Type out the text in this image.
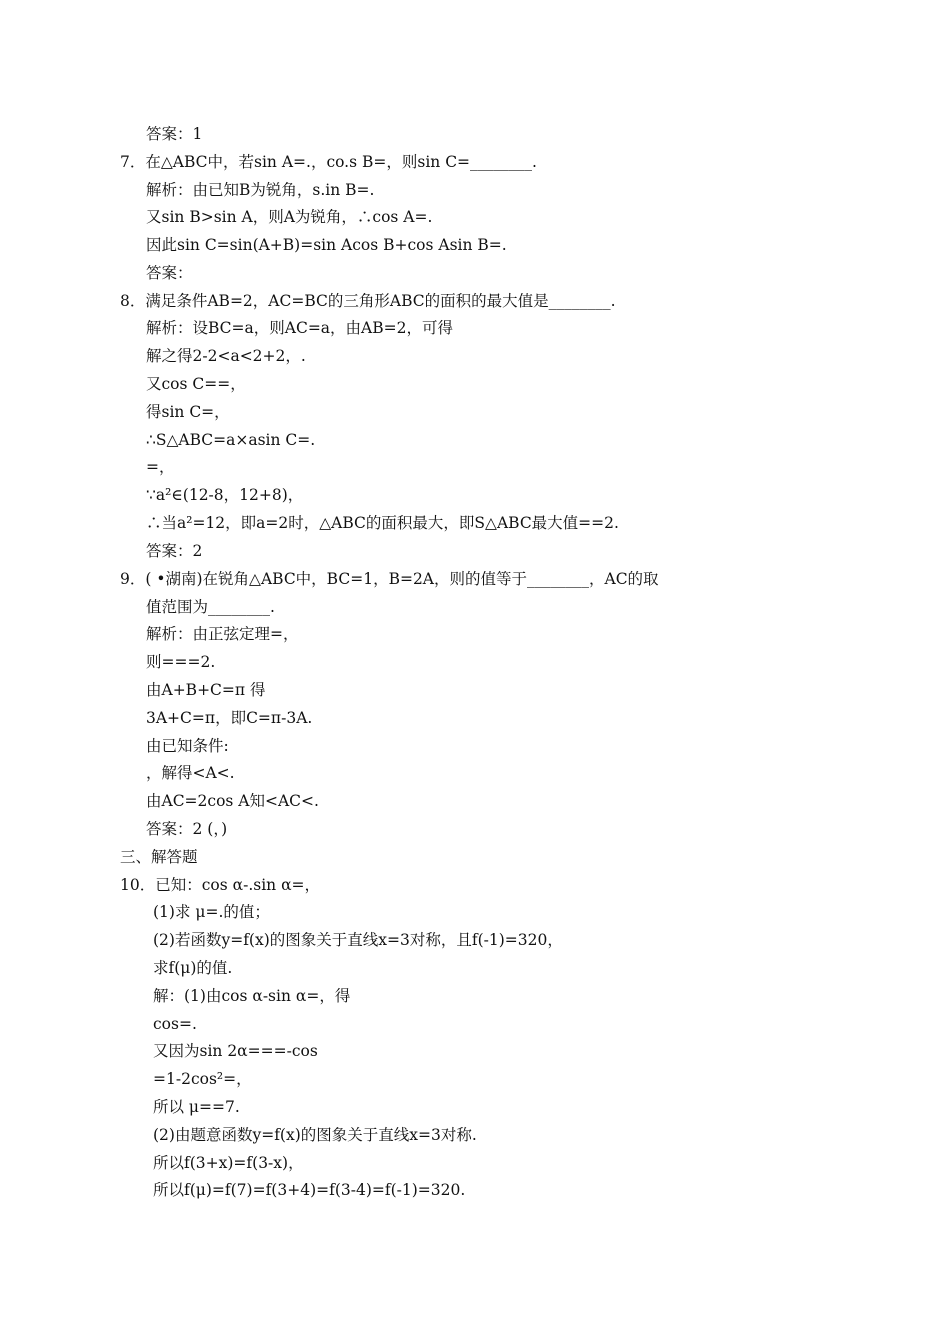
答案：1
7．在△ABC中，若sin A=.，co.s B=，则sin C=________.
解析：由已知B为锐角，s.in B=.
又sin B>sin A，则A为锐角，∴cos A=.
因此sin C=sin(A+B)=sin Acos B+cos Asin B=.
答案：
8．满足条件AB=2，AC=BC的三角形ABC的面积的最大值是________.
解析：设BC=a，则AC=a，由AB=2，可得
解之得2-2<a<2+2，.
又cos C==，
得sin C=，
∴S△ABC=a×asin C=.
=，
∵a²∈(12-8，12+8)，
∴当a²=12，即a=2时，△ABC的面积最大，即S△ABC最大值==2.
答案：2
9．( •湖南)在锐角△ABC中，BC=1，B=2A，则的值等于________，AC的取
值范围为________.
解析：由正弦定理=，
则===2.
由A+B+C=π 得
3A+C=π，即C=π-3A.
由已知条件:
，解得<A<.
由AC=2cos A知<AC<.
答案：2 (，)
三、解答题
10．已知：cos α-.sin α=，
(1)求 μ=.的值；
(2)若函数y=f(x)的图象关于直线x=3对称，且f(-1)=320，
求f(μ)的值.
解：(1)由cos α-sin α=，得
cos=.
又因为sin 2α===-cos
=1-2cos²=，
所以 μ==7.
(2)由题意函数y=f(x)的图象关于直线x=3对称.
所以f(3+x)=f(3-x)，
所以f(μ)=f(7)=f(3+4)=f(3-4)=f(-1)=320.
